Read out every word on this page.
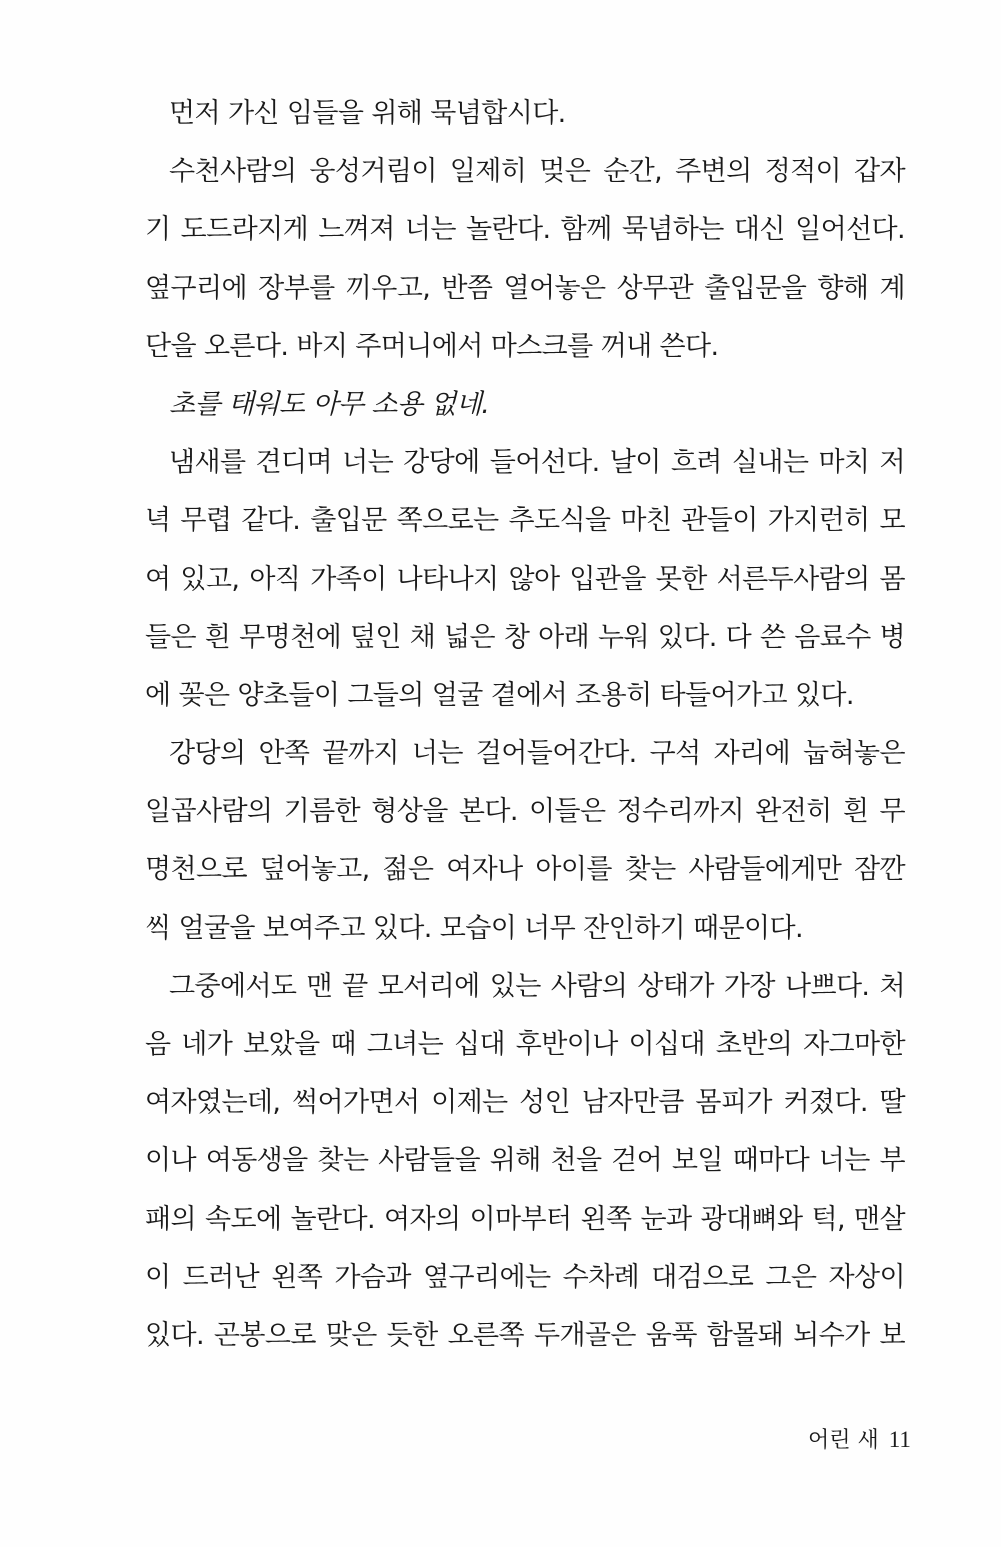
먼저 가신 임들을 위해 묵념합시다.
수천사람의 웅성거림이 일제히 멎은 순간, 주변의 정적이 갑자
기 도드라지게 느껴져 너는 놀란다. 함께 묵념하는 대신 일어선다.
옆구리에 장부를 끼우고, 반쯤 열어놓은 상무관 출입문을 향해 계
단을 오른다. 바지 주머니에서 마스크를 꺼내 쓴다.
초를 태워도 아무 소용 없네.
냄새를 견디며 너는 강당에 들어선다. 날이 흐려 실내는 마치 저
녁 무렵 같다. 출입문 쪽으로는 추도식을 마친 관들이 가지런히 모
여 있고, 아직 가족이 나타나지 않아 입관을 못한 서른두사람의 몸
들은 흰 무명천에 덮인 채 넓은 창 아래 누워 있다. 다 쓴 음료수 병
에 꽂은 양초들이 그들의 얼굴 곁에서 조용히 타들어가고 있다.
강당의 안쪽 끝까지 너는 걸어들어간다. 구석 자리에 눕혀놓은
일곱사람의 기름한 형상을 본다. 이들은 정수리까지 완전히 흰 무
명천으로 덮어놓고, 젊은 여자나 아이를 찾는 사람들에게만 잠깐
씩 얼굴을 보여주고 있다. 모습이 너무 잔인하기 때문이다.
그중에서도 맨 끝 모서리에 있는 사람의 상태가 가장 나쁘다. 처
음 네가 보았을 때 그녀는 십대 후반이나 이십대 초반의 자그마한
여자였는데, 썩어가면서 이제는 성인 남자만큼 몸피가 커졌다. 딸
이나 여동생을 찾는 사람들을 위해 천을 걷어 보일 때마다 너는 부
패의 속도에 놀란다. 여자의 이마부터 왼쪽 눈과 광대뼈와 턱, 맨살
이 드러난 왼쪽 가슴과 옆구리에는 수차례 대검으로 그은 자상이
있다. 곤봉으로 맞은 듯한 오른쪽 두개골은 움푹 함몰돼 뇌수가 보
어린 새 11
